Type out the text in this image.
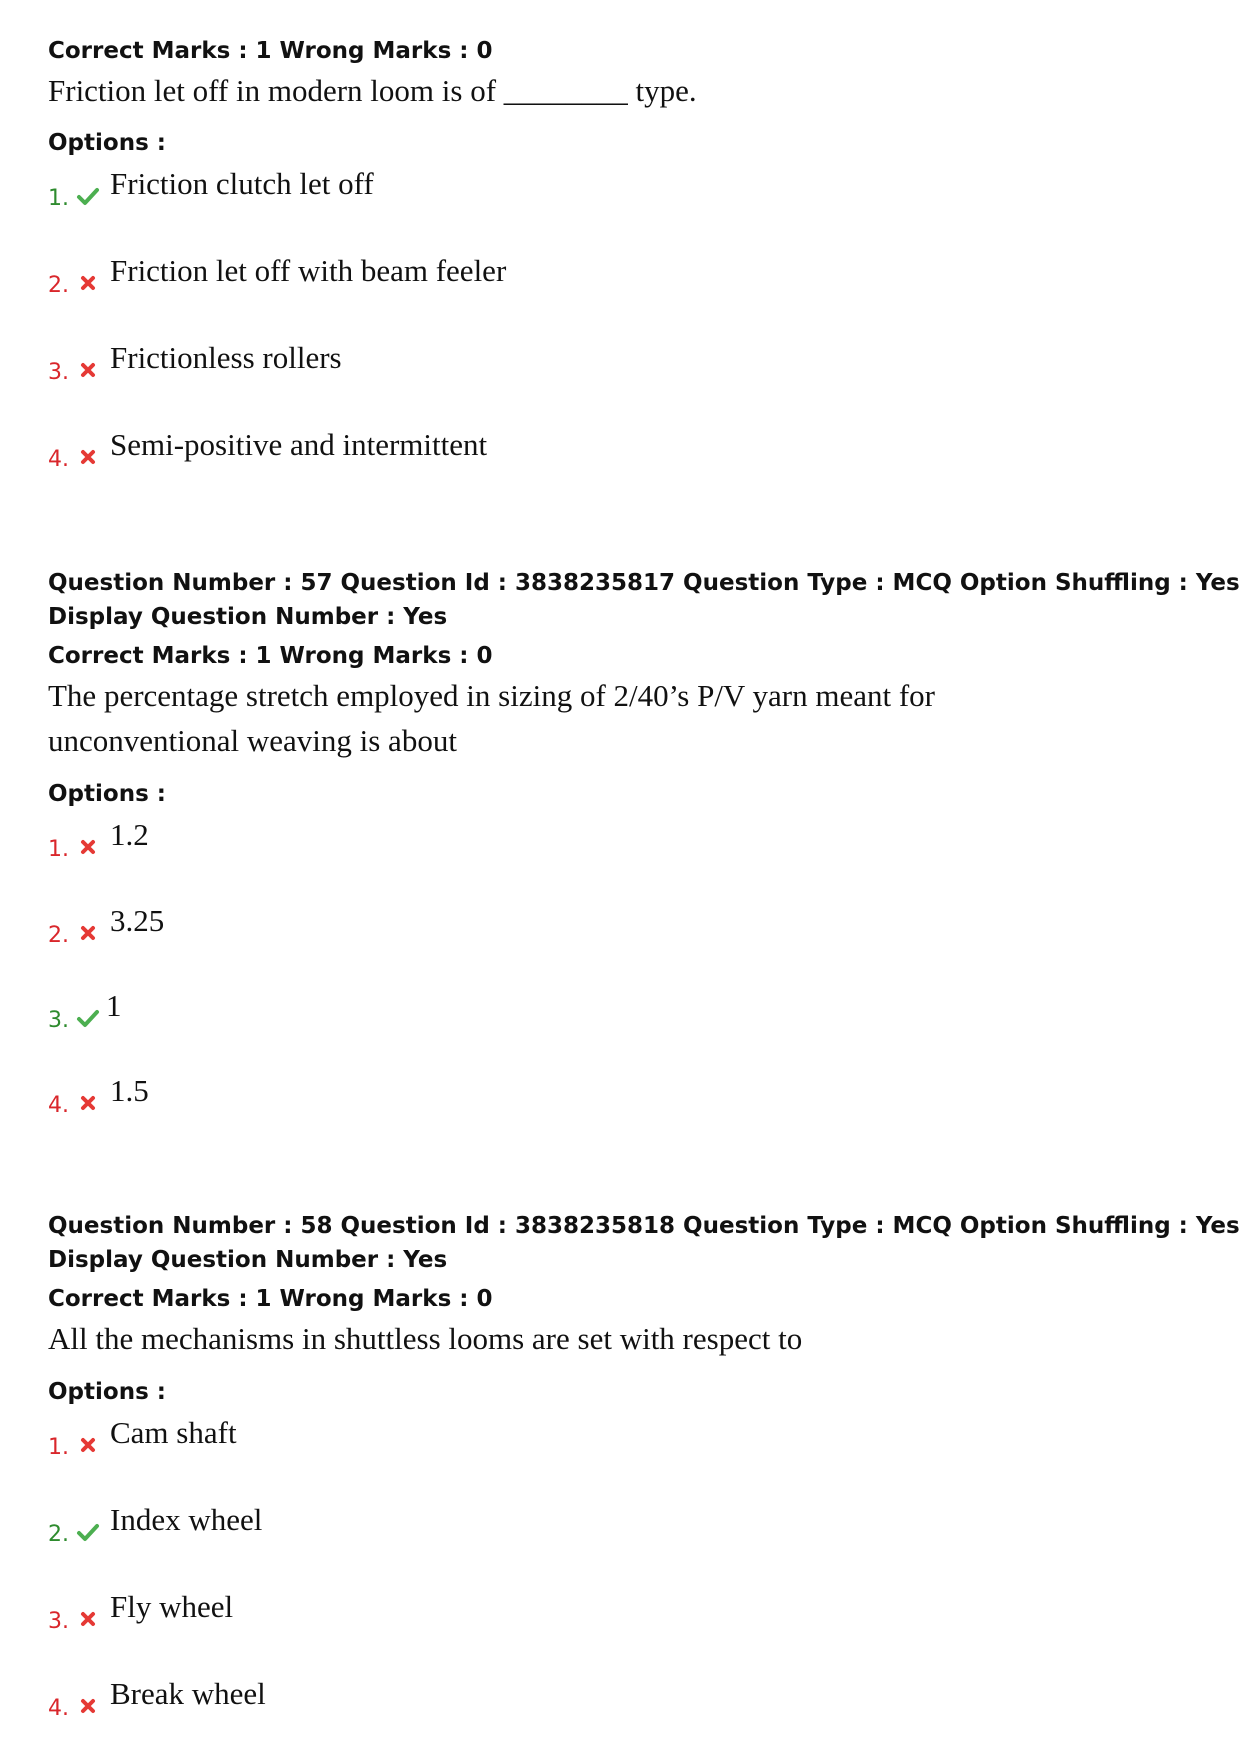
Correct Marks : 1 Wrong Marks : 0
Friction let off in modern loom is of ________ type.
Options :
1. Friction clutch let off
2. Friction let off with beam feeler
3. Frictionless rollers
4. Semi-positive and intermittent
Question Number : 57 Question Id : 3838235817 Question Type : MCQ Option Shuffling : Yes
Display Question Number : Yes
Correct Marks : 1 Wrong Marks : 0
The percentage stretch employed in sizing of 2/40’s P/V yarn meant for
unconventional weaving is about
Options :
1. 1.2
2. 3.25
3. 1
4. 1.5
Question Number : 58 Question Id : 3838235818 Question Type : MCQ Option Shuffling : Yes
Display Question Number : Yes
Correct Marks : 1 Wrong Marks : 0
All the mechanisms in shuttless looms are set with respect to
Options :
1. Cam shaft
2. Index wheel
3. Fly wheel
4. Break wheel
